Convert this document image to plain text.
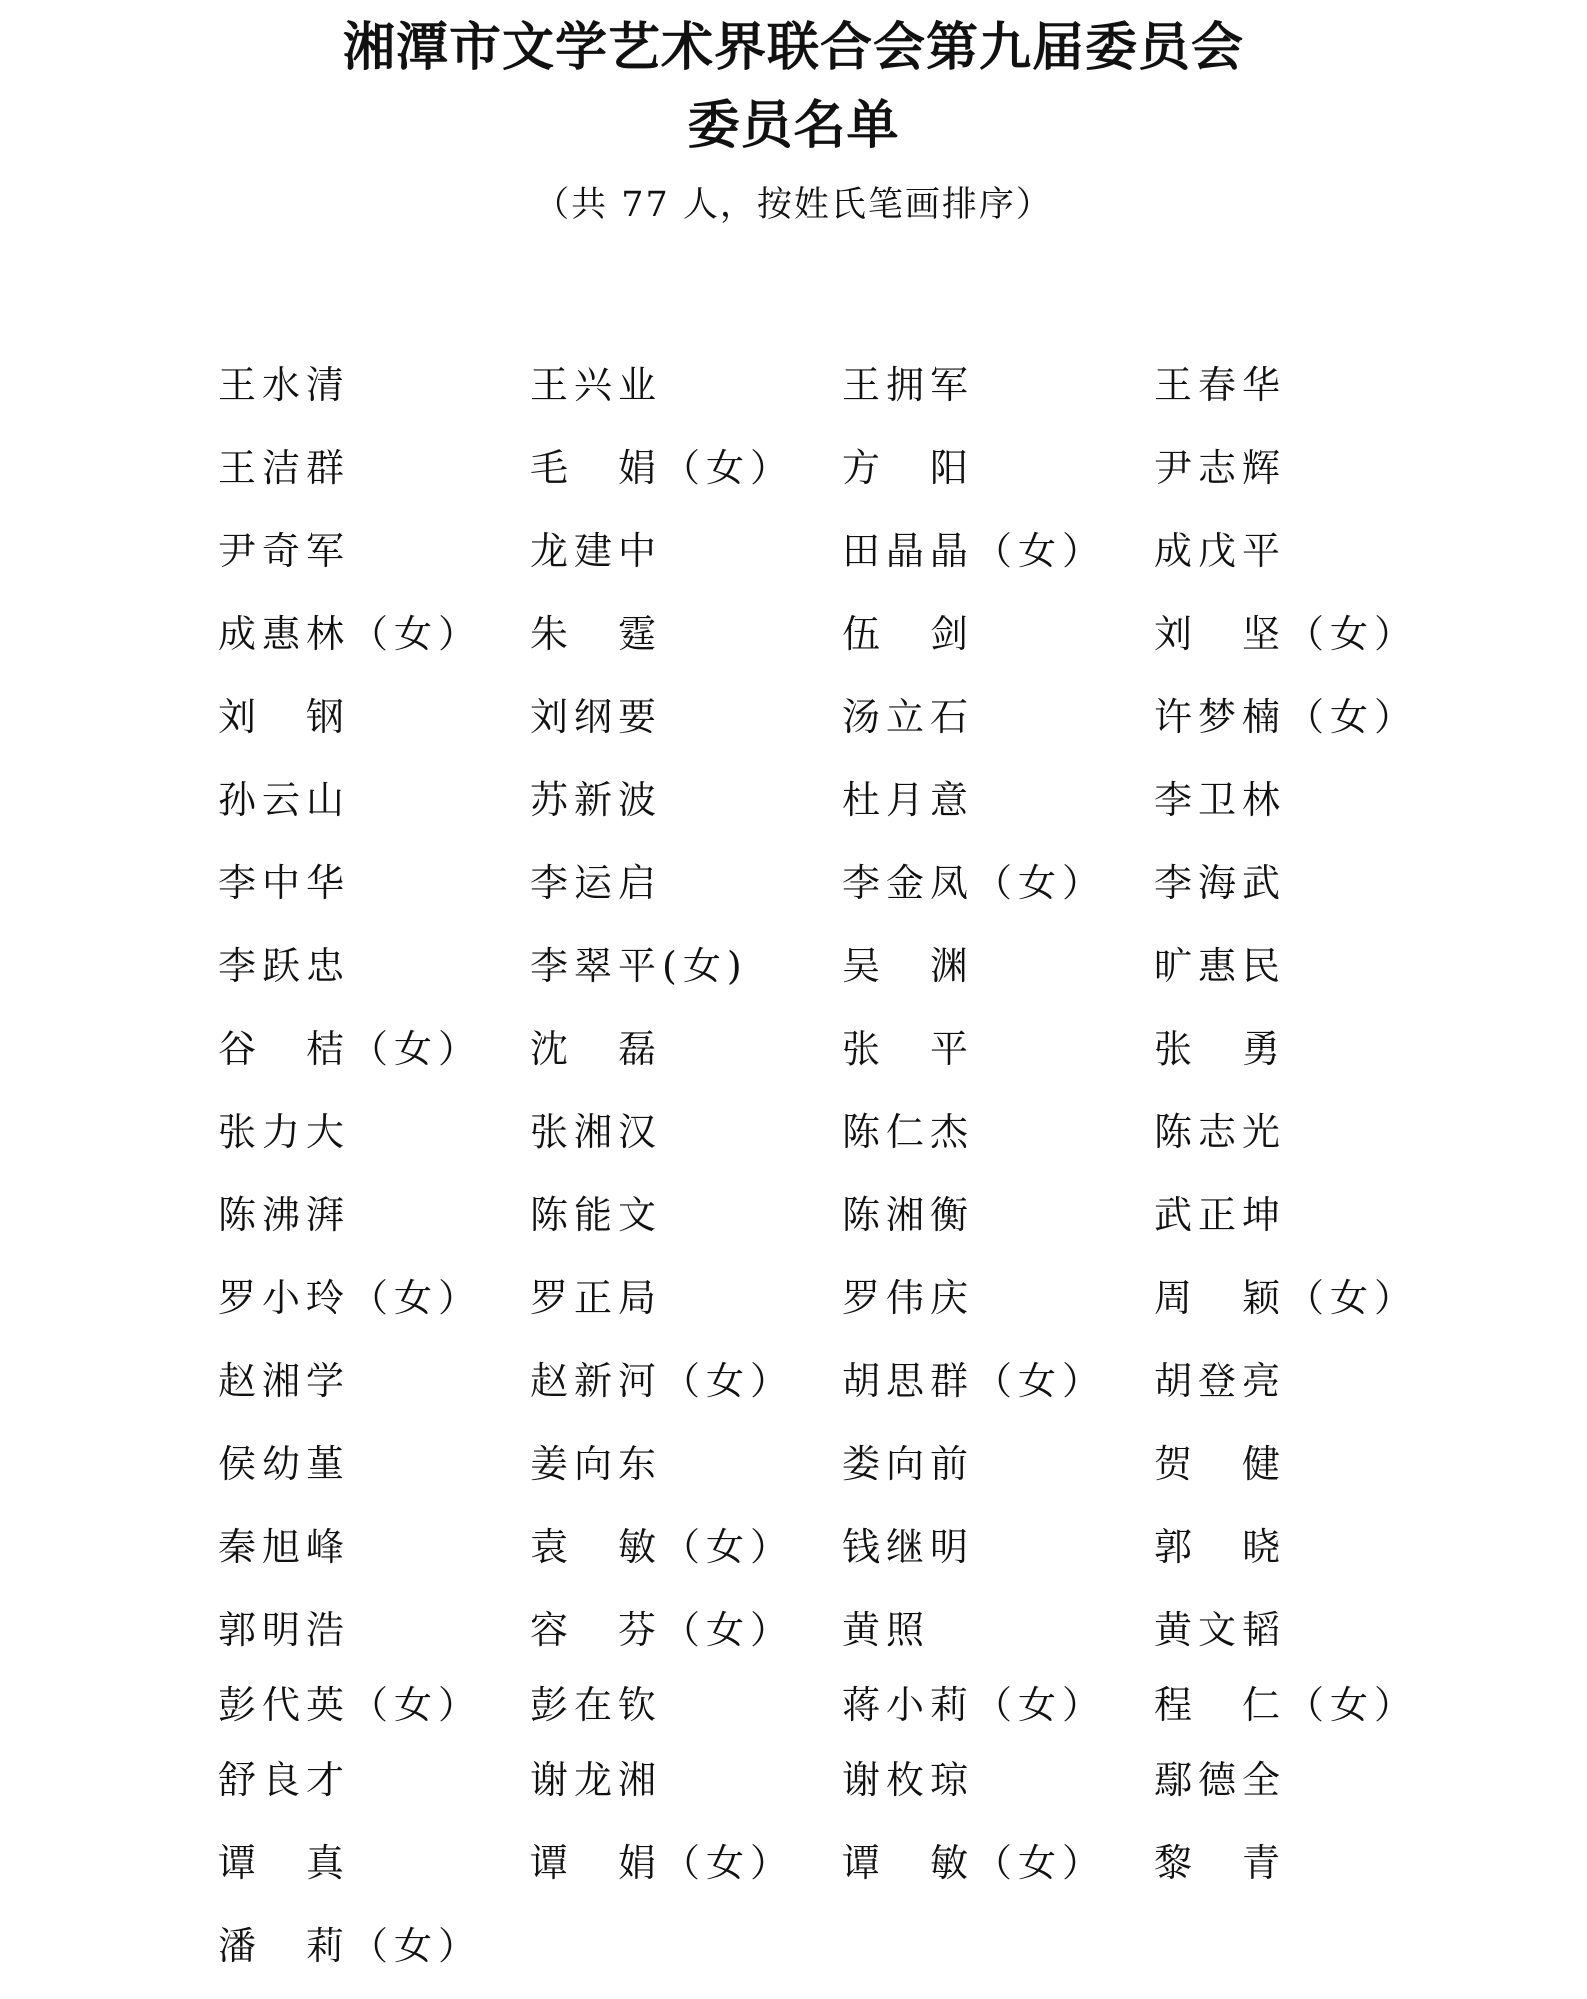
湘潭市文学艺术界联合会第九届委员会
委员名单
（共 77 人，按姓氏笔画排序）
王水清	王兴业	王拥军	王春华
王洁群	毛　娟（女） 方　阳	尹志辉
尹奇军	龙建中	田晶晶（女） 成戊平
成惠林（女） 朱　霆	伍　剑	刘　坚（女）
刘　钢	刘纲要	汤立石	许梦楠（女）
孙云山	苏新波	杜月意	李卫林
李中华	李运启	李金凤（女） 李海武
李跃忠	李翠平(女) 吴　渊	旷惠民
谷　桔（女） 沈　磊	张　平	张　勇
张力大	张湘汉	陈仁杰	陈志光
陈沸湃	陈能文	陈湘衡	武正坤
罗小玲（女） 罗正局	罗伟庆	周　颖（女）
赵湘学	赵新河（女） 胡思群（女） 胡登亮
侯幼堇	姜向东	娄向前	贺　健
秦旭峰	袁　敏（女） 钱继明	郭　晓
郭明浩	容　芬（女） 黄照	黄文韬
彭代英（女） 彭在钦	蒋小莉（女） 程　仁（女）
舒良才	谢龙湘	谢枚琼	鄢德全
谭　真	谭　娟（女） 谭　敏（女） 黎　青
潘　莉（女）
